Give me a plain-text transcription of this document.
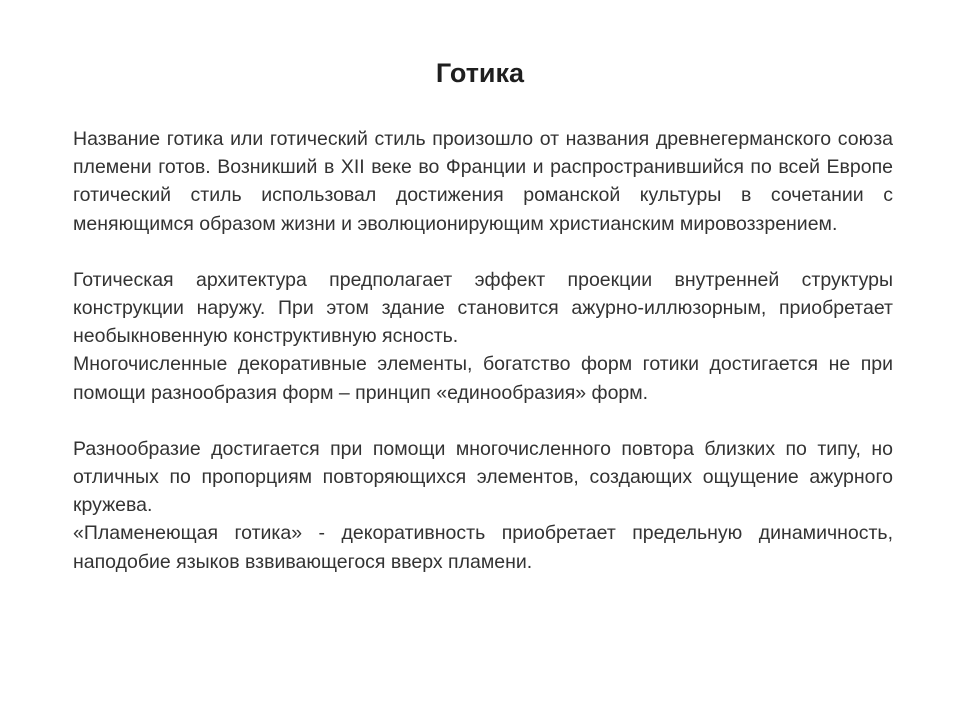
Готика

Название готика или готический стиль произошло от названия древнегерманского союза племени готов. Возникший в XII веке во Франции и распространившийся по всей Европе готический стиль использовал достижения романской культуры в сочетании с меняющимся образом жизни и эволюционирующим христианским мировоззрением.

Готическая архитектура предполагает эффект проекции внутренней структуры конструкции наружу. При этом здание становится ажурно-иллюзорным, приобретает необыкновенную конструктивную ясность.

Многочисленные декоративные элементы, богатство форм готики достигается не при помощи разнообразия форм – принцип «единообразия» форм.

Разнообразие достигается при помощи многочисленного повтора близких по типу, но отличных по пропорциям повторяющихся элементов, создающих ощущение ажурного кружева.

«Пламенеющая готика» - декоративность приобретает предельную динамичность, наподобие языков взвивающегося вверх пламени.
